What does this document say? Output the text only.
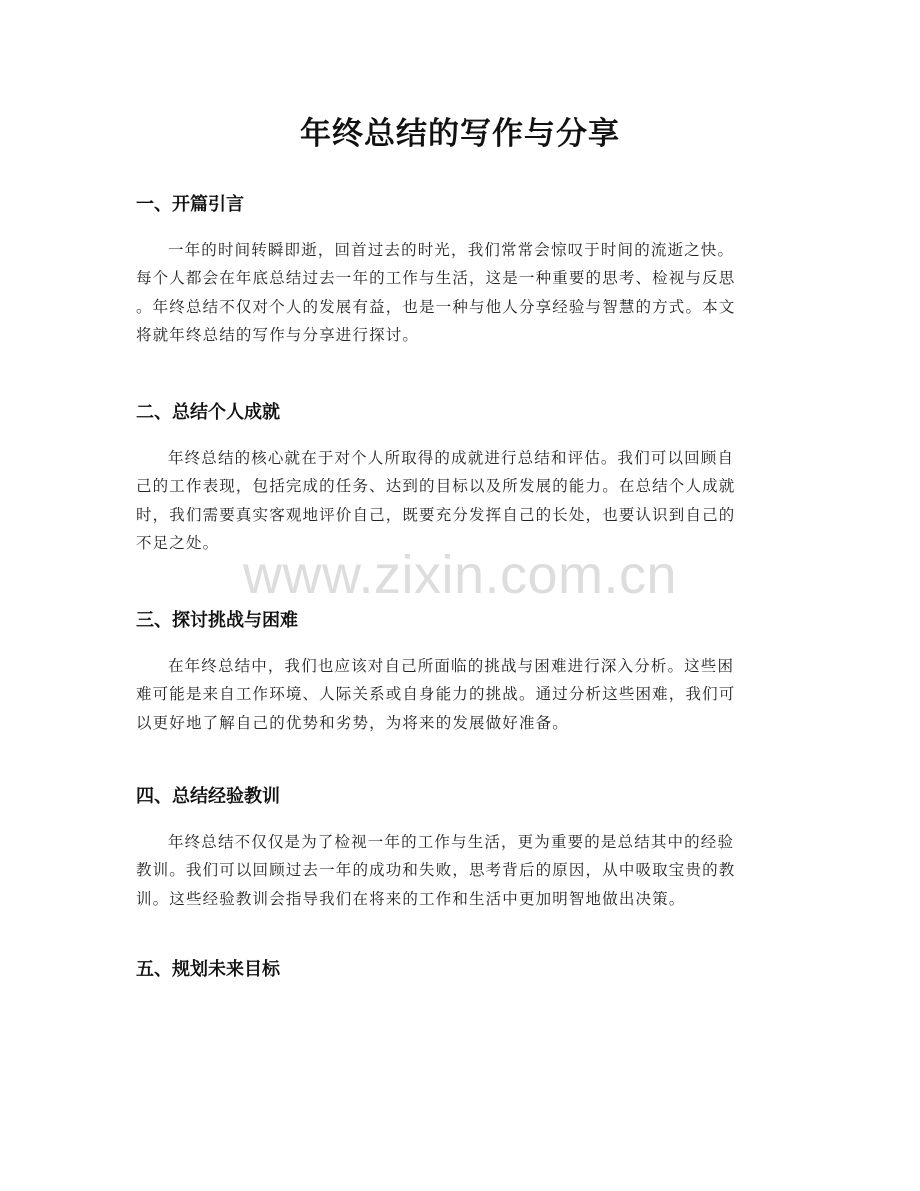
年终总结的写作与分享
www.zixin.com.cn
一、开篇引言

一年的时间转瞬即逝，回首过去的时光，我们常常会惊叹于时间的流逝之快。
每个人都会在年底总结过去一年的工作与生活，这是一种重要的思考、检视与反思
。年终总结不仅对个人的发展有益，也是一种与他人分享经验与智慧的方式。本文
将就年终总结的写作与分享进行探讨。

二、总结个人成就

年终总结的核心就在于对个人所取得的成就进行总结和评估。我们可以回顾自
己的工作表现，包括完成的任务、达到的目标以及所发展的能力。在总结个人成就
时，我们需要真实客观地评价自己，既要充分发挥自己的长处，也要认识到自己的
不足之处。

三、探讨挑战与困难

在年终总结中，我们也应该对自己所面临的挑战与困难进行深入分析。这些困
难可能是来自工作环境、人际关系或自身能力的挑战。通过分析这些困难，我们可
以更好地了解自己的优势和劣势，为将来的发展做好准备。

四、总结经验教训

年终总结不仅仅是为了检视一年的工作与生活，更为重要的是总结其中的经验
教训。我们可以回顾过去一年的成功和失败，思考背后的原因，从中吸取宝贵的教
训。这些经验教训会指导我们在将来的工作和生活中更加明智地做出决策。

五、规划未来目标
